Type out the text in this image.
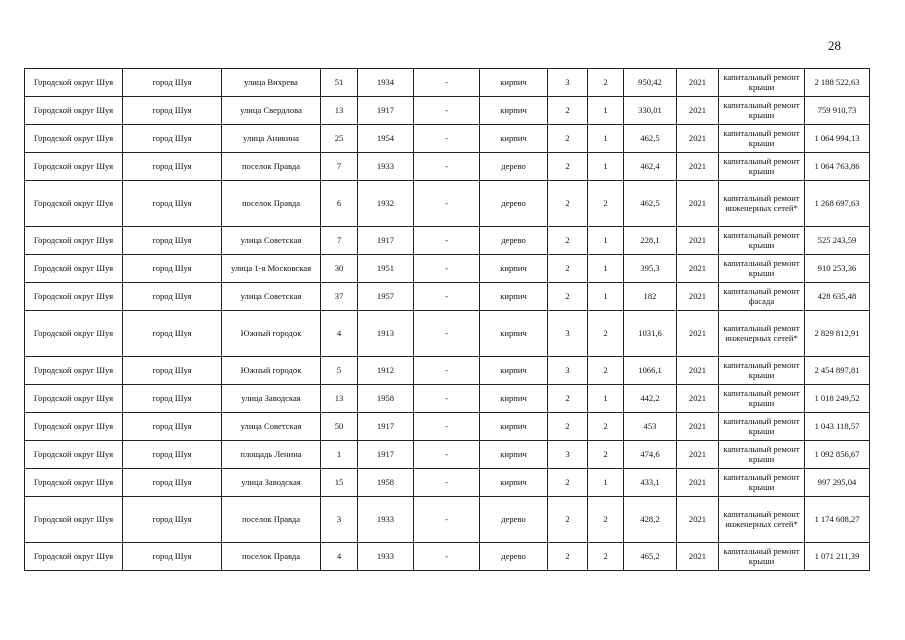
28
Городской округ Шуя	город Шуя	улица Вихрева	51	1934	-	кирпич	3	2	950,42	2021	капитальный ремонт крыши	2 188 522,63
Городской округ Шуя	город Шуя	улица Свердлова	13	1917	-	кирпич	2	1	330,01	2021	капитальный ремонт крыши	759 910,73
Городской округ Шуя	город Шуя	улица Аникина	25	1954	-	кирпич	2	1	462,5	2021	капитальный ремонт крыши	1 064 994,13
Городской округ Шуя	город Шуя	поселок Правда	7	1933	-	дерево	2	1	462,4	2021	капитальный ремонт крыши	1 064 763,86
Городской округ Шуя	город Шуя	поселок Правда	6	1932	-	дерево	2	2	462,5	2021	капитальный ремонт инженерных сетей*	1 268 697,63
Городской округ Шуя	город Шуя	улица Советская	7	1917	-	дерево	2	1	228,1	2021	капитальный ремонт крыши	525 243,59
Городской округ Шуя	город Шуя	улица 1-я Московская	30	1951	-	кирпич	2	1	395,3	2021	капитальный ремонт крыши	910 253,36
Городской округ Шуя	город Шуя	улица Советская	37	1957	-	кирпич	2	1	182	2021	капитальный ремонт фасада	428 635,48
Городской округ Шуя	город Шуя	Южный городок	4	1913	-	кирпич	3	2	1031,6	2021	капитальный ремонт инженерных сетей*	2 829 812,91
Городской округ Шуя	город Шуя	Южный городок	5	1912	-	кирпич	3	2	1066,1	2021	капитальный ремонт крыши	2 454 897,81
Городской округ Шуя	город Шуя	улица Заводская	13	1958	-	кирпич	2	1	442,2	2021	капитальный ремонт крыши	1 018 249,52
Городской округ Шуя	город Шуя	улица Советская	50	1917	-	кирпич	2	2	453	2021	капитальный ремонт крыши	1 043 118,57
Городской округ Шуя	город Шуя	площадь Ленина	1	1917	-	кирпич	3	2	474,6	2021	капитальный ремонт крыши	1 092 856,67
Городской округ Шуя	город Шуя	улица Заводская	15	1958	-	кирпич	2	1	433,1	2021	капитальный ремонт крыши	997 295,04
Городской округ Шуя	город Шуя	поселок Правда	3	1933	-	дерево	2	2	428,2	2021	капитальный ремонт инженерных сетей*	1 174 608,27
Городской округ Шуя	город Шуя	поселок Правда	4	1933	-	дерево	2	2	465,2	2021	капитальный ремонт крыши	1 071 211,39
